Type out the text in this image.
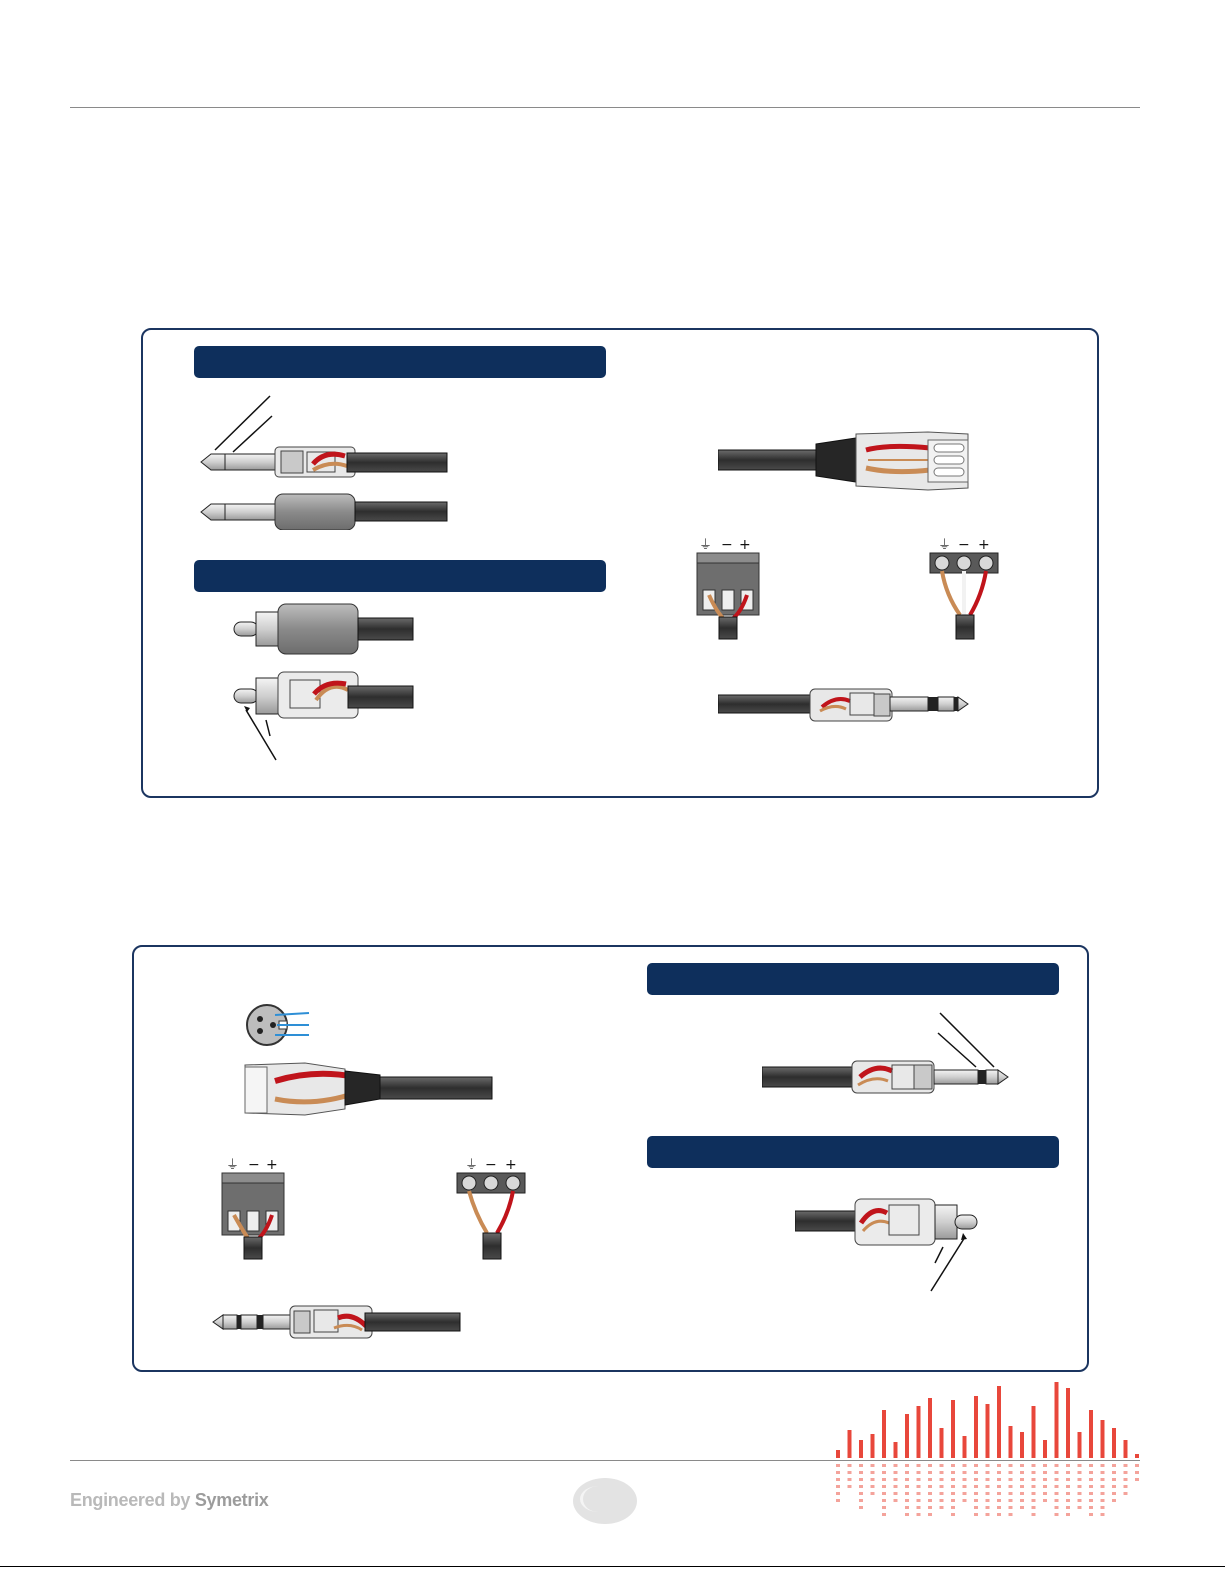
⏚ − +	⏚ − +
⏚ − +	⏚ − +
Engineered by Symetrix
